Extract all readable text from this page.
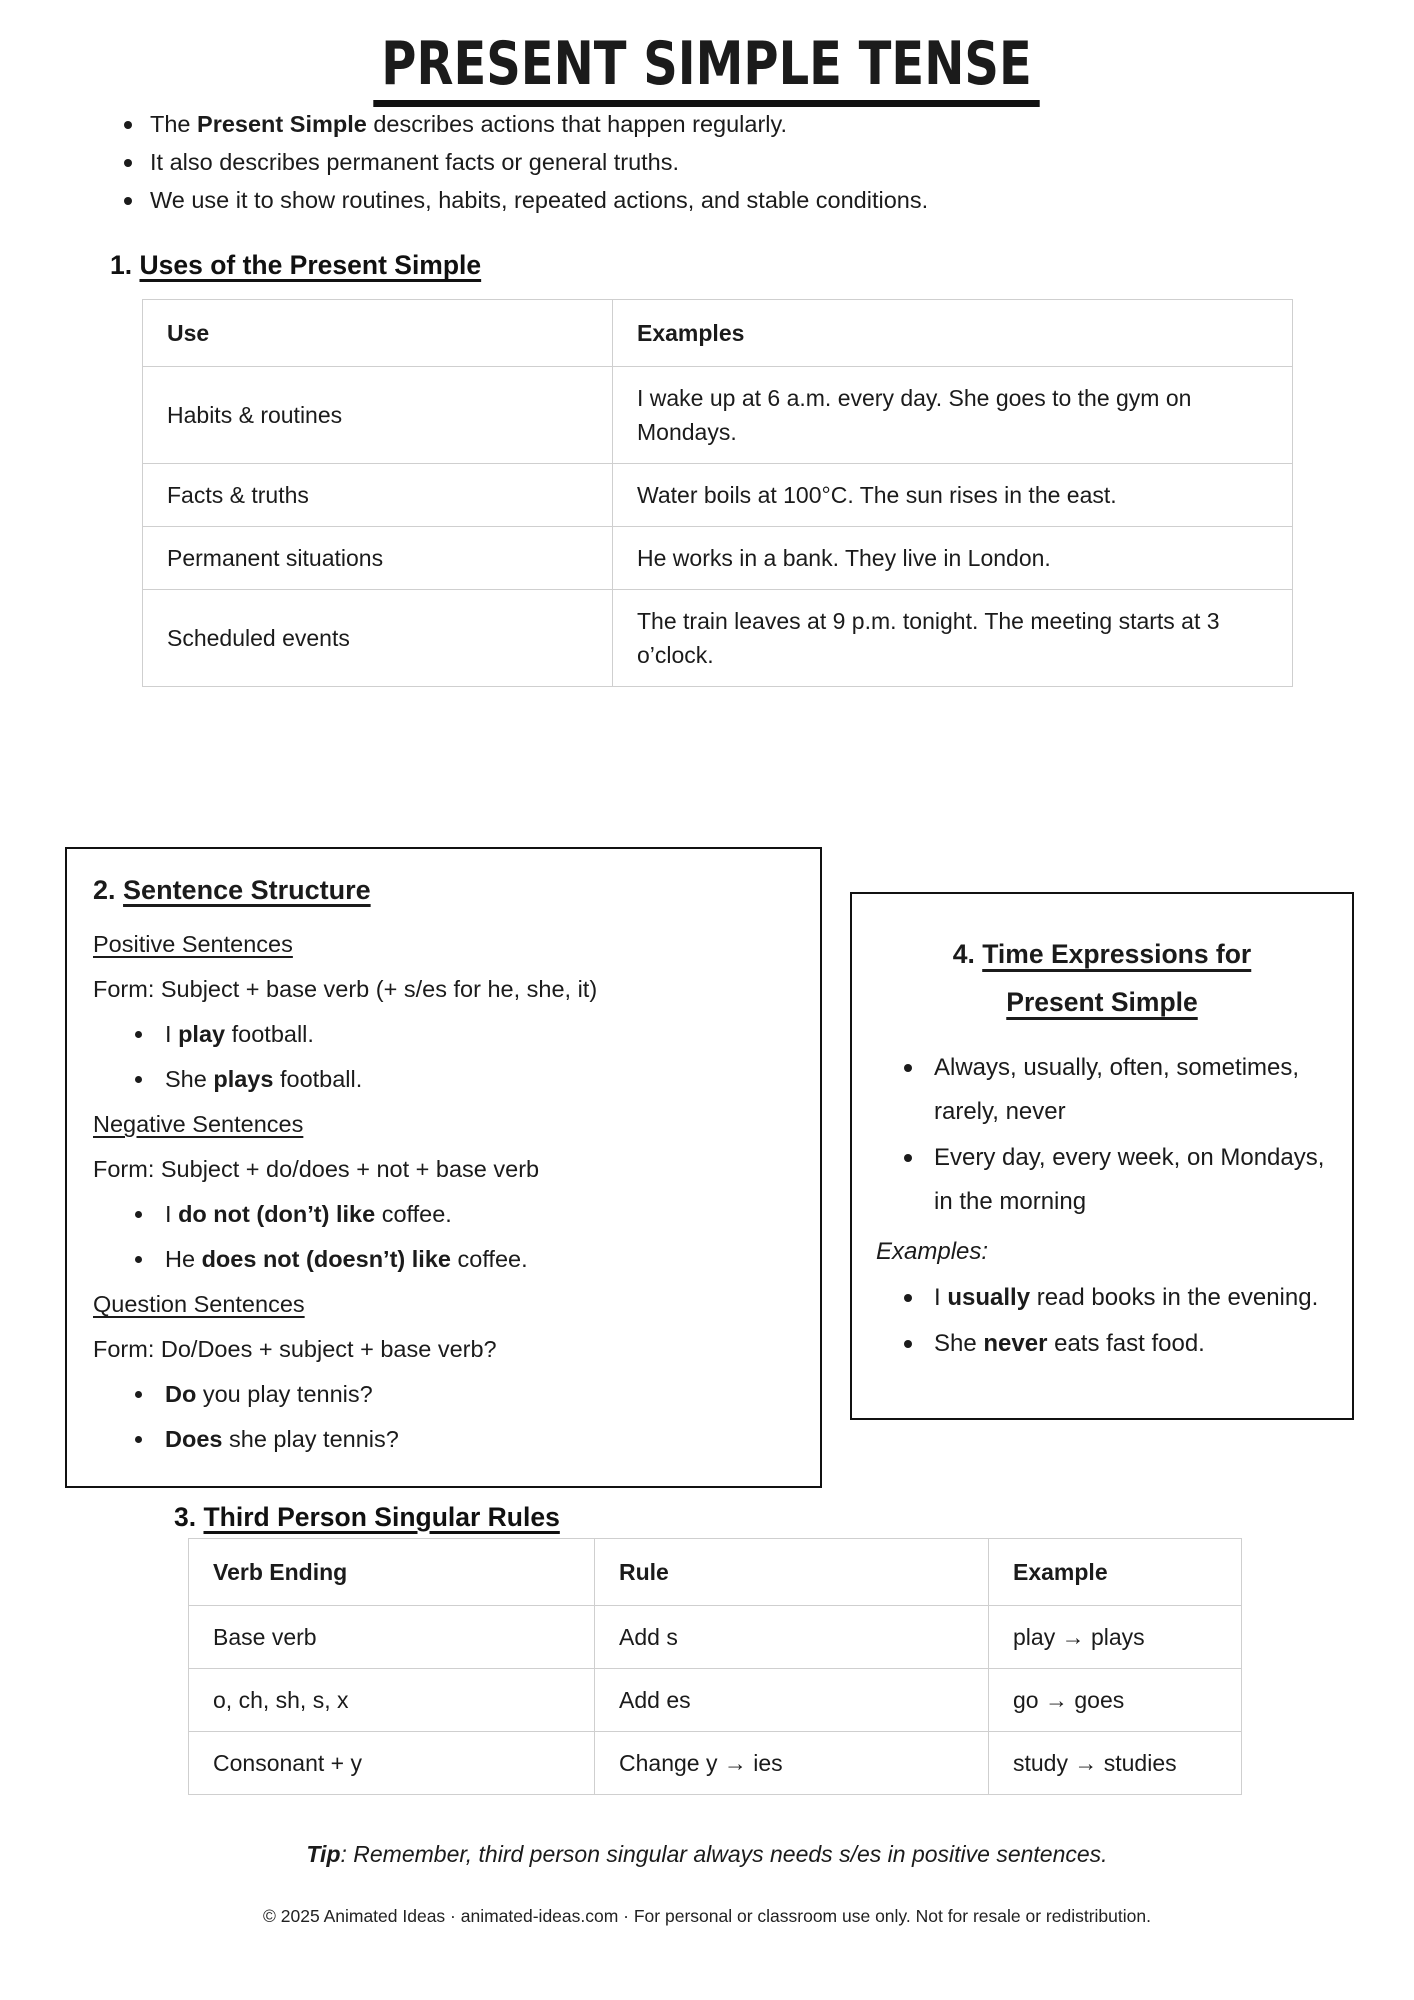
PRESENT SIMPLE TENSE
The Present Simple describes actions that happen regularly.
It also describes permanent facts or general truths.
We use it to show routines, habits, repeated actions, and stable conditions.
1. Uses of the Present Simple
Use	Examples
Habits & routines	I wake up at 6 a.m. every day. She goes to the gym on Mondays.
Facts & truths	Water boils at 100°C. The sun rises in the east.
Permanent situations	He works in a bank. They live in London.
Scheduled events	The train leaves at 9 p.m. tonight. The meeting starts at 3 o’clock.
2. Sentence Structure
Positive Sentences
Form: Subject + base verb (+ s/es for he, she, it)
I play football.
She plays football.
Negative Sentences
Form: Subject + do/does + not + base verb
I do not (don’t) like coffee.
He does not (doesn’t) like coffee.
Question Sentences
Form: Do/Does + subject + base verb?
Do you play tennis?
Does she play tennis?
4. Time Expressions for Present Simple
Always, usually, often, sometimes, rarely, never
Every day, every week, on Mondays, in the morning
Examples:
I usually read books in the evening.
She never eats fast food.
3. Third Person Singular Rules
Verb Ending	Rule	Example
Base verb	Add s	play → plays
o, ch, sh, s, x	Add es	go → goes
Consonant + y	Change y → ies	study → studies

Tip: Remember, third person singular always needs s/es in positive sentences.

© 2025 Animated Ideas · animated-ideas.com · For personal or classroom use only. Not for resale or redistribution.
